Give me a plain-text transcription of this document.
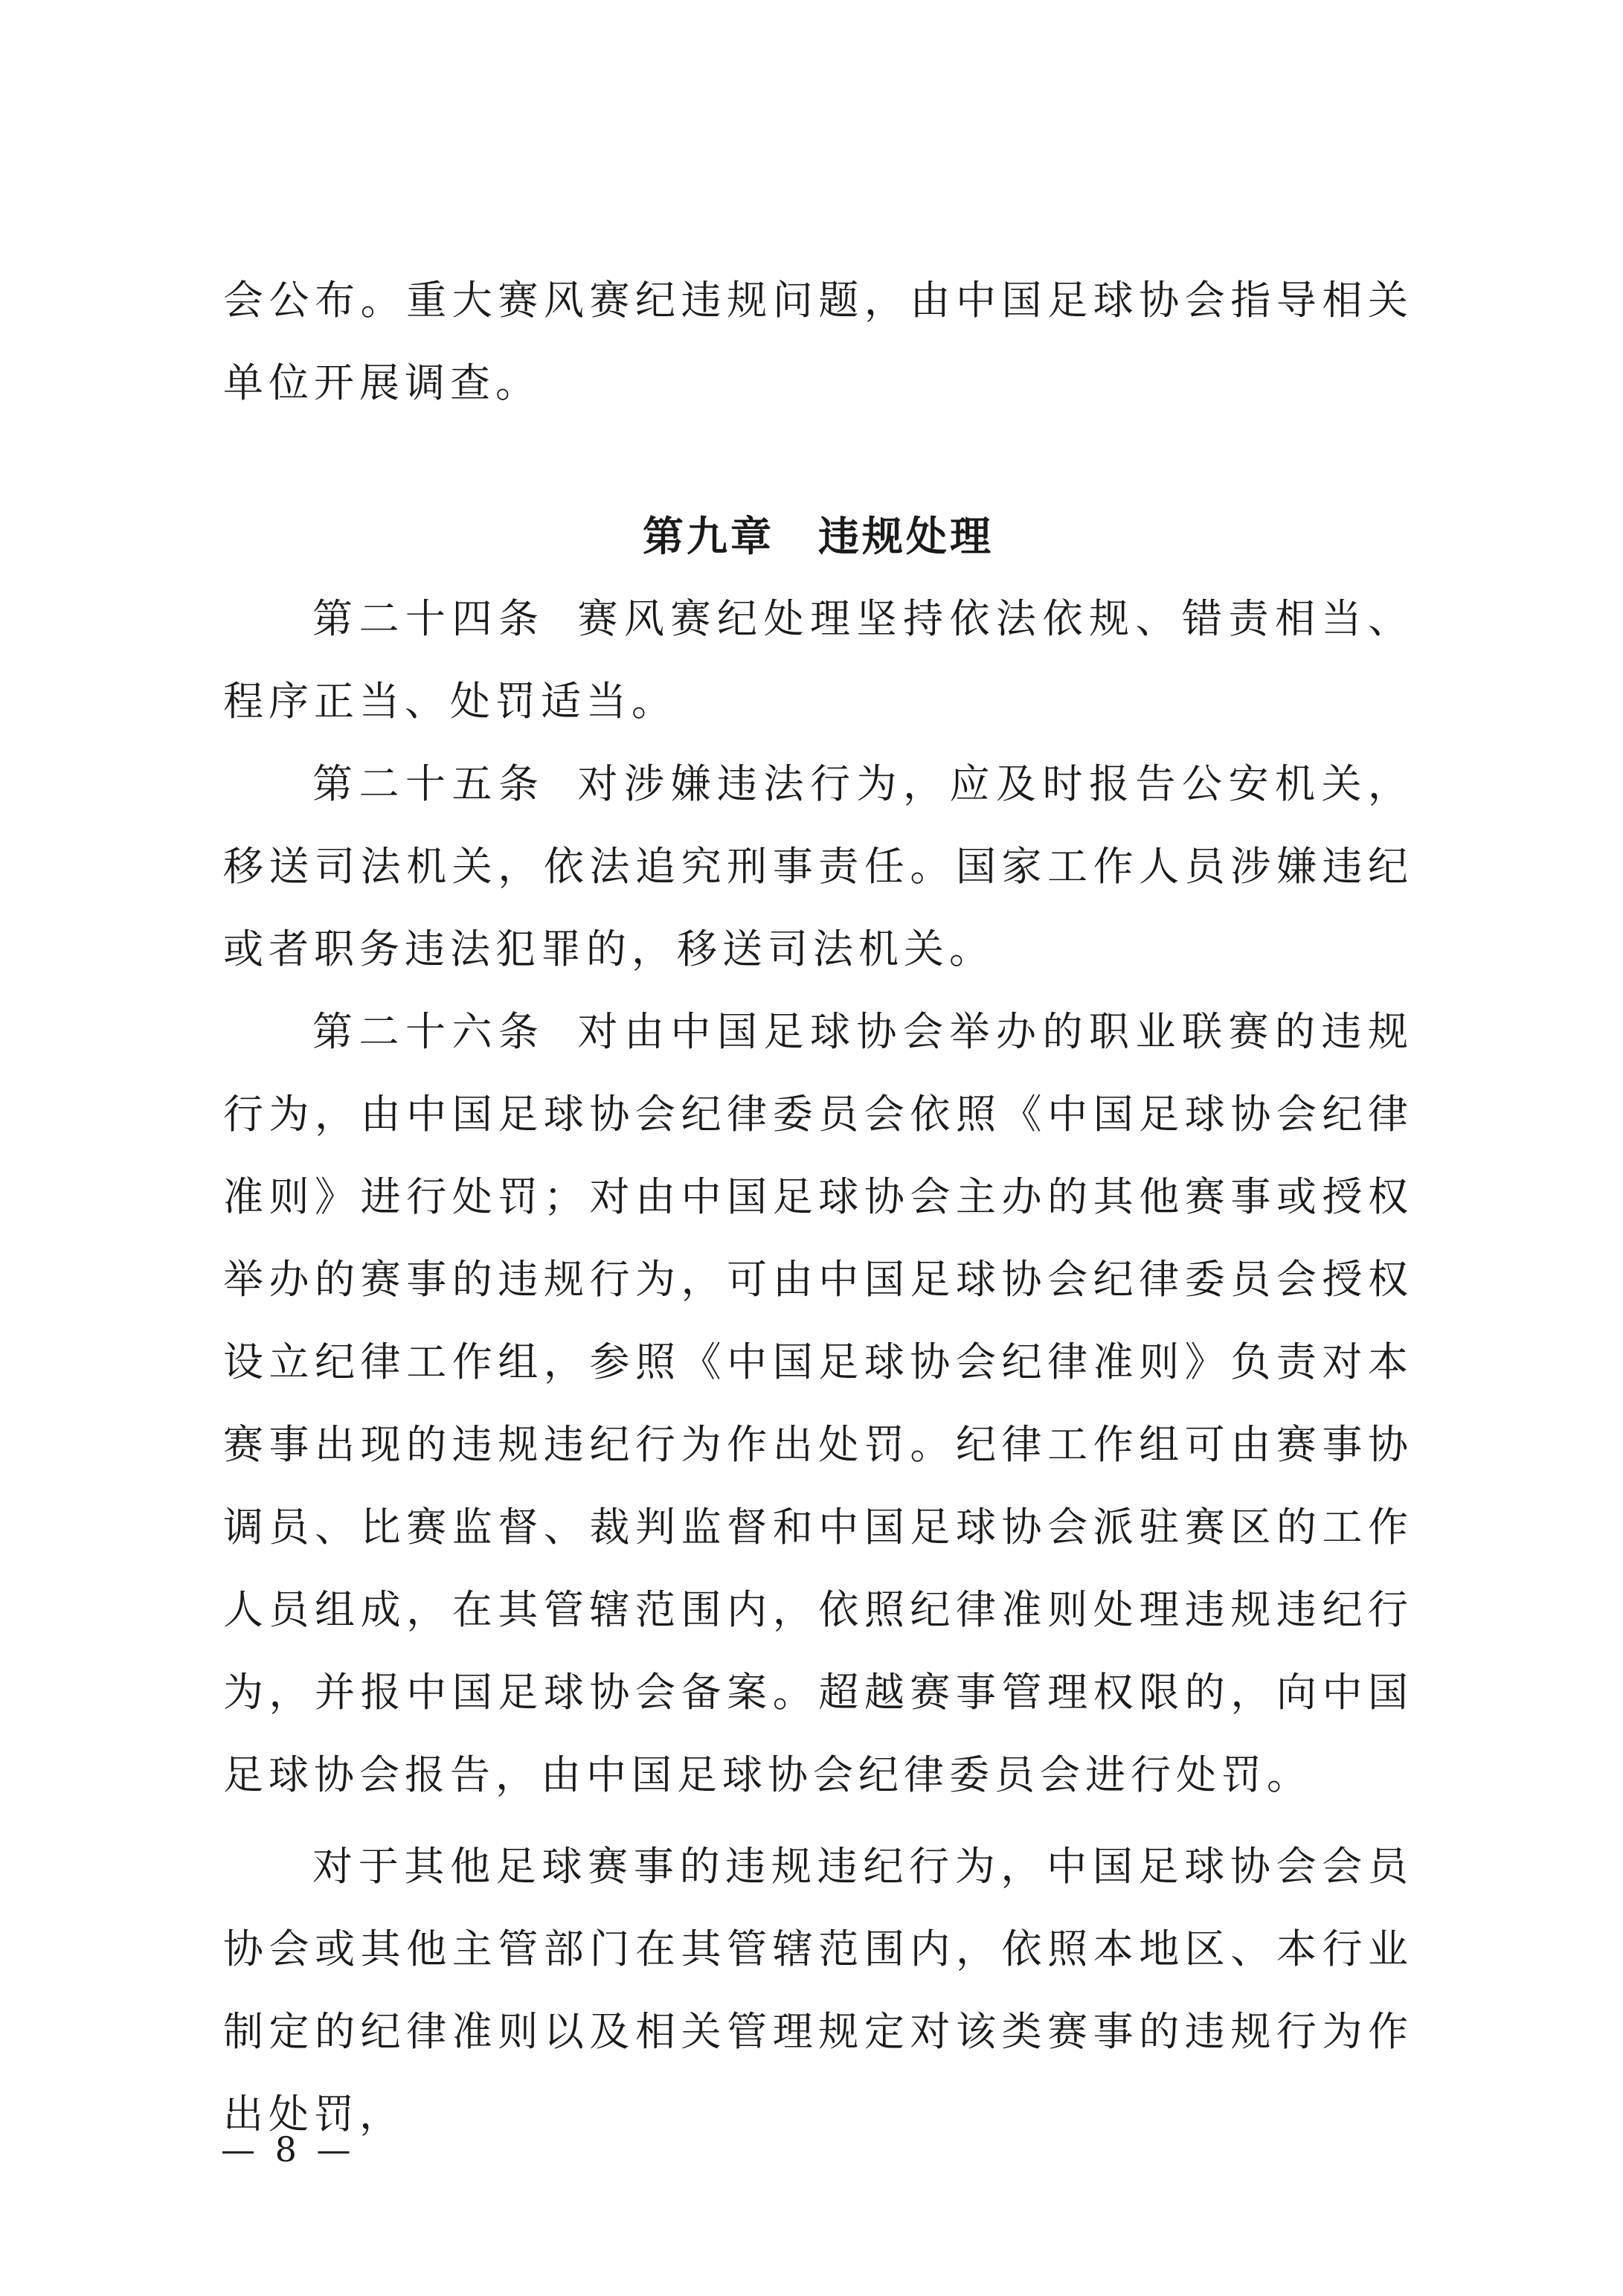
会公布。重大赛风赛纪违规问题，由中国足球协会指导相关单位开展调查。

第九章　违规处理

第二十四条 赛风赛纪处理坚持依法依规、错责相当、程序正当、处罚适当。

第二十五条 对涉嫌违法行为，应及时报告公安机关，移送司法机关，依法追究刑事责任。国家工作人员涉嫌违纪或者职务违法犯罪的，移送司法机关。

第二十六条 对由中国足球协会举办的职业联赛的违规行为，由中国足球协会纪律委员会依照《中国足球协会纪律准则》进行处罚；对由中国足球协会主办的其他赛事或授权举办的赛事的违规行为，可由中国足球协会纪律委员会授权设立纪律工作组，参照《中国足球协会纪律准则》负责对本赛事出现的违规违纪行为作出处罚。纪律工作组可由赛事协调员、比赛监督、裁判监督和中国足球协会派驻赛区的工作人员组成，在其管辖范围内，依照纪律准则处理违规违纪行为，并报中国足球协会备案。超越赛事管理权限的，向中国足球协会报告，由中国足球协会纪律委员会进行处罚。

对于其他足球赛事的违规违纪行为，中国足球协会会员协会或其他主管部门在其管辖范围内，依照本地区、本行业制定的纪律准则以及相关管理规定对该类赛事的违规行为作出处罚，

— 8 —
